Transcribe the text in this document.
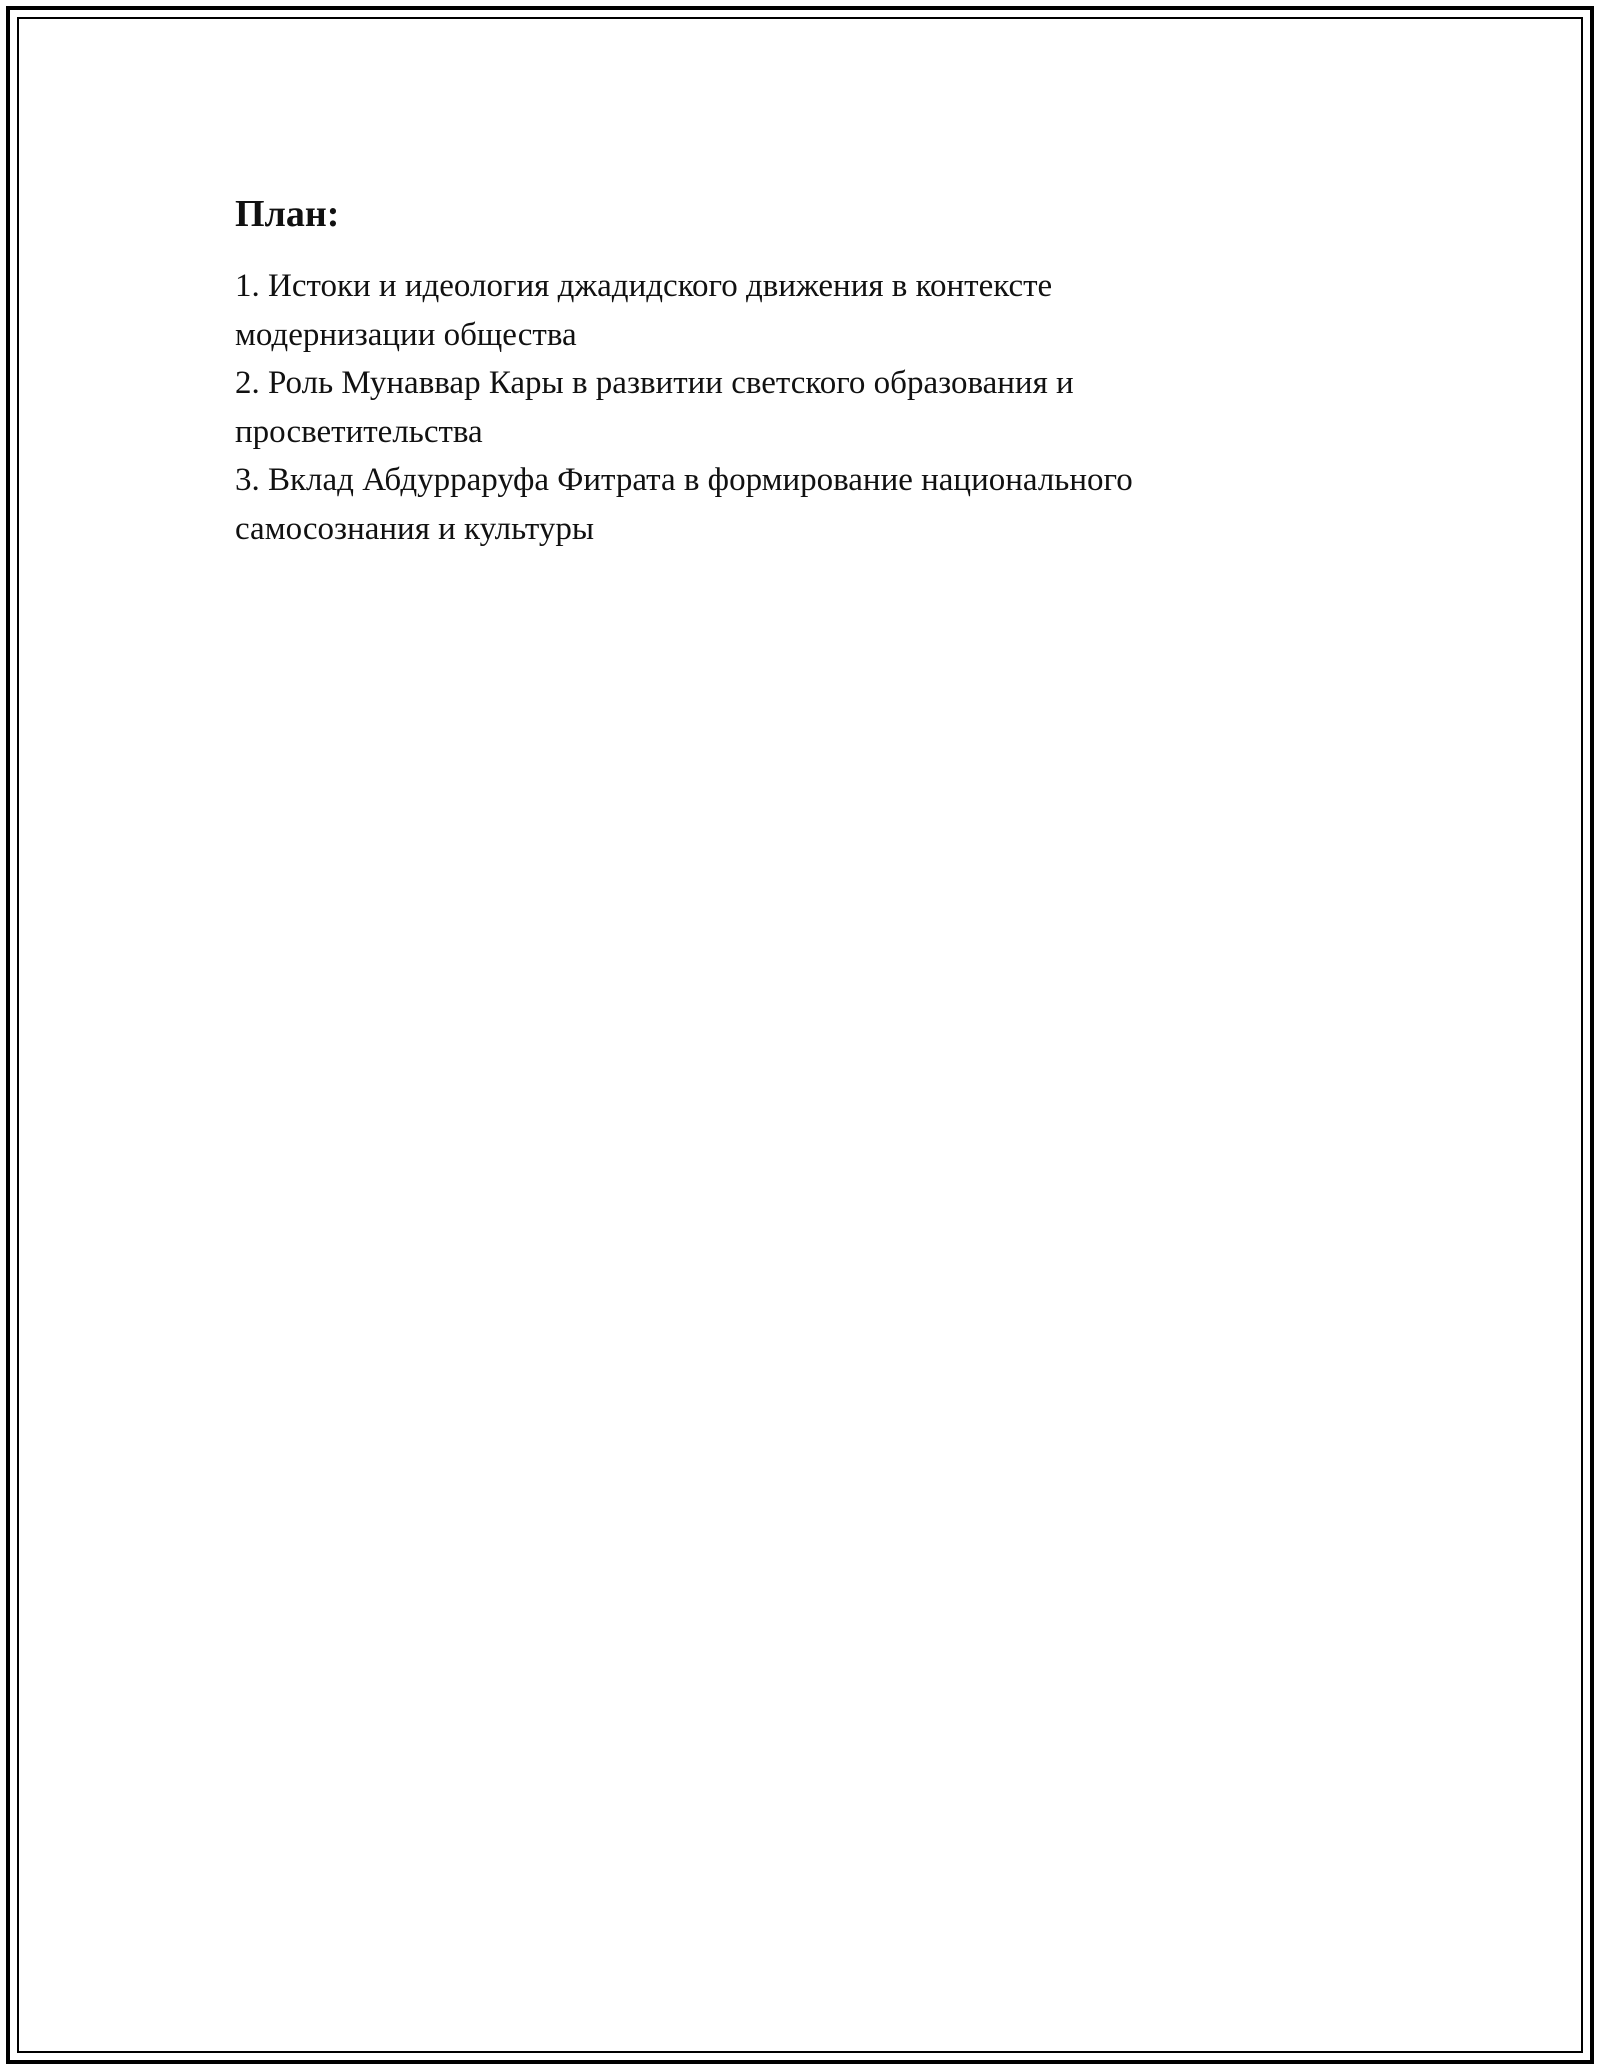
План:
1. Истоки и идеология джадидского движения в контексте
модернизации общества
2. Роль Мунаввар Кары в развитии светского образования и
просветительства
3. Вклад Абдурраруфа Фитрата в формирование национального
самосознания и культуры
